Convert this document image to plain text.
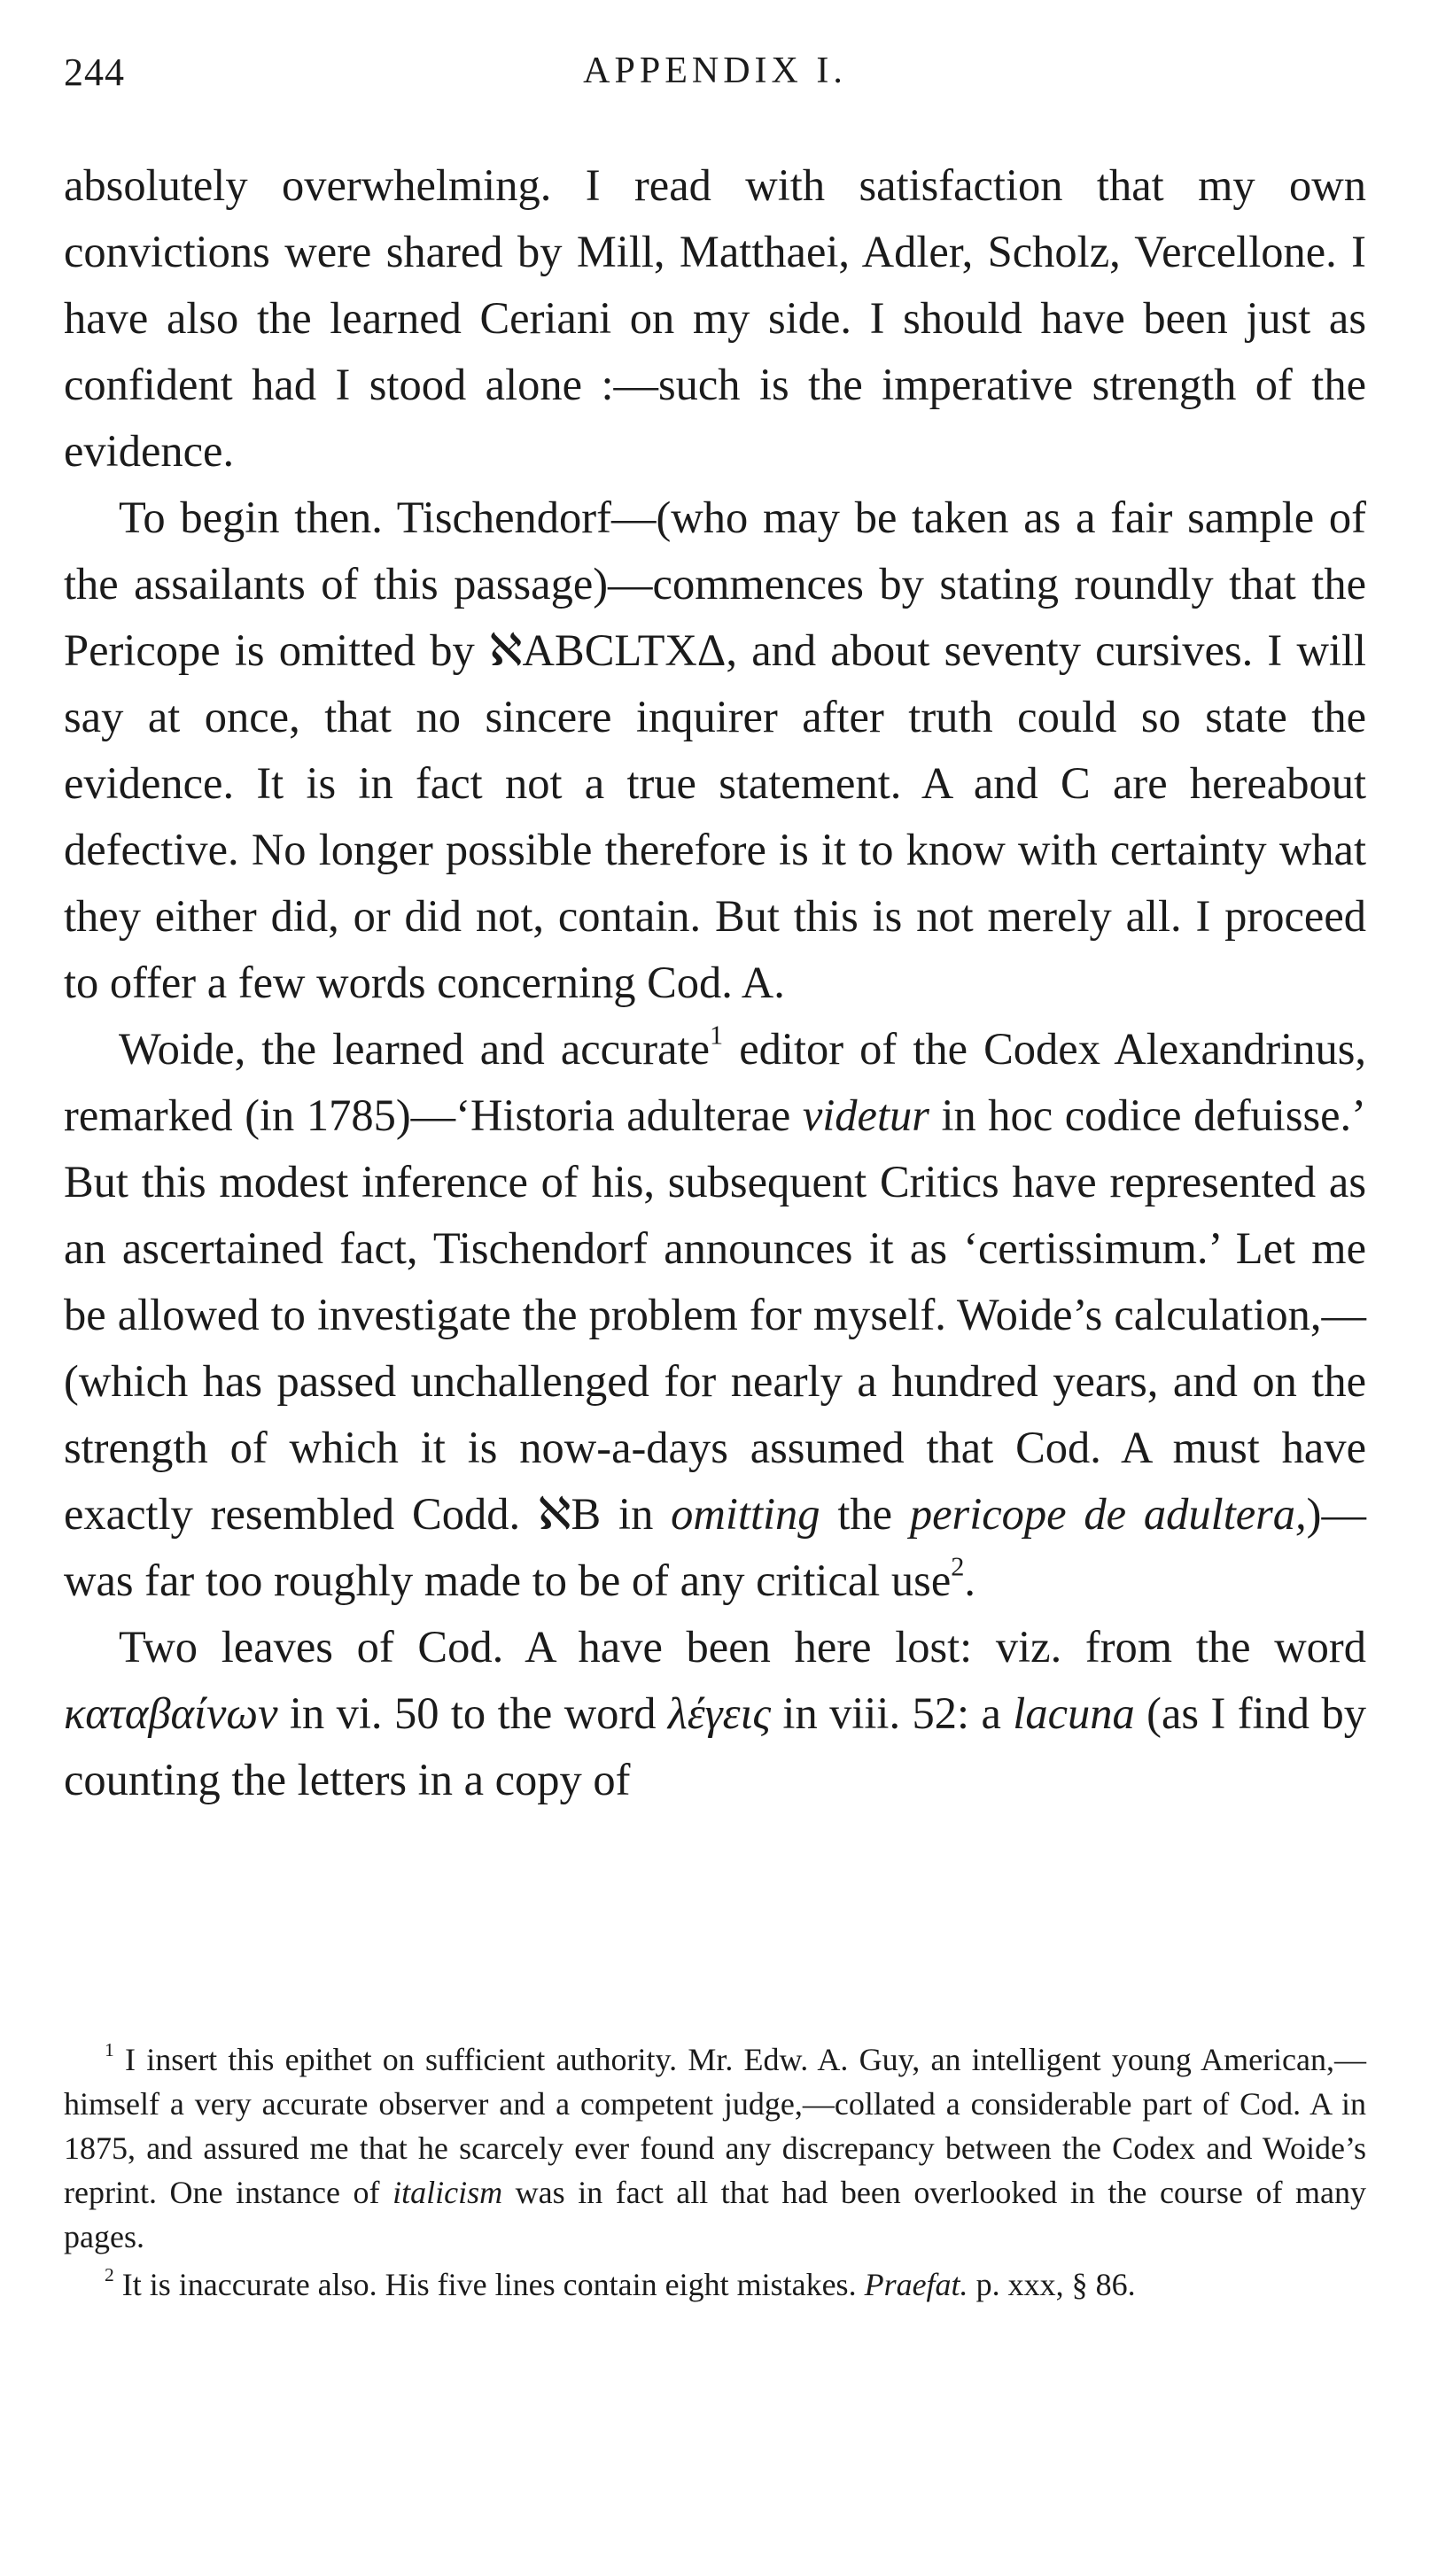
244	APPENDIX I.

absolutely overwhelming. I read with satisfaction that my own convictions were shared by Mill, Matthaei, Adler, Scholz, Vercellone. I have also the learned Ceriani on my side. I should have been just as confident had I stood alone :—such is the imperative strength of the evidence.

To begin then. Tischendorf—(who may be taken as a fair sample of the assailants of this passage)—commences by stating roundly that the Pericope is omitted by ℵABCLTXΔ, and about seventy cursives. I will say at once, that no sincere inquirer after truth could so state the evidence. It is in fact not a true statement. A and C are hereabout defective. No longer possible therefore is it to know with certainty what they either did, or did not, contain. But this is not merely all. I proceed to offer a few words concerning Cod. A.

Woide, the learned and accurate$^1$ editor of the Codex Alexandrinus, remarked (in 1785)—‘Historia adulterae videtur in hoc codice defuisse.’ But this modest inference of his, subsequent Critics have represented as an ascertained fact, Tischendorf announces it as ‘certissimum.’ Let me be allowed to investigate the problem for myself. Woide’s calculation,—(which has passed unchallenged for nearly a hundred years, and on the strength of which it is now-a-days assumed that Cod. A must have exactly resembled Codd. ℵB in omitting the pericope de adultera,)—was far too roughly made to be of any critical use$^2$.

Two leaves of Cod. A have been here lost: viz. from the word καταβαίνων in vi. 50 to the word λέγεις in viii. 52: a lacuna (as I find by counting the letters in a copy of

$^1$ I insert this epithet on sufficient authority. Mr. Edw. A. Guy, an intelligent young American,—himself a very accurate observer and a competent judge,—collated a considerable part of Cod. A in 1875, and assured me that he scarcely ever found any discrepancy between the Codex and Woide’s reprint. One instance of italicism was in fact all that had been overlooked in the course of many pages.

$^2$ It is inaccurate also. His five lines contain eight mistakes. Praefat. p. xxx, § 86.
